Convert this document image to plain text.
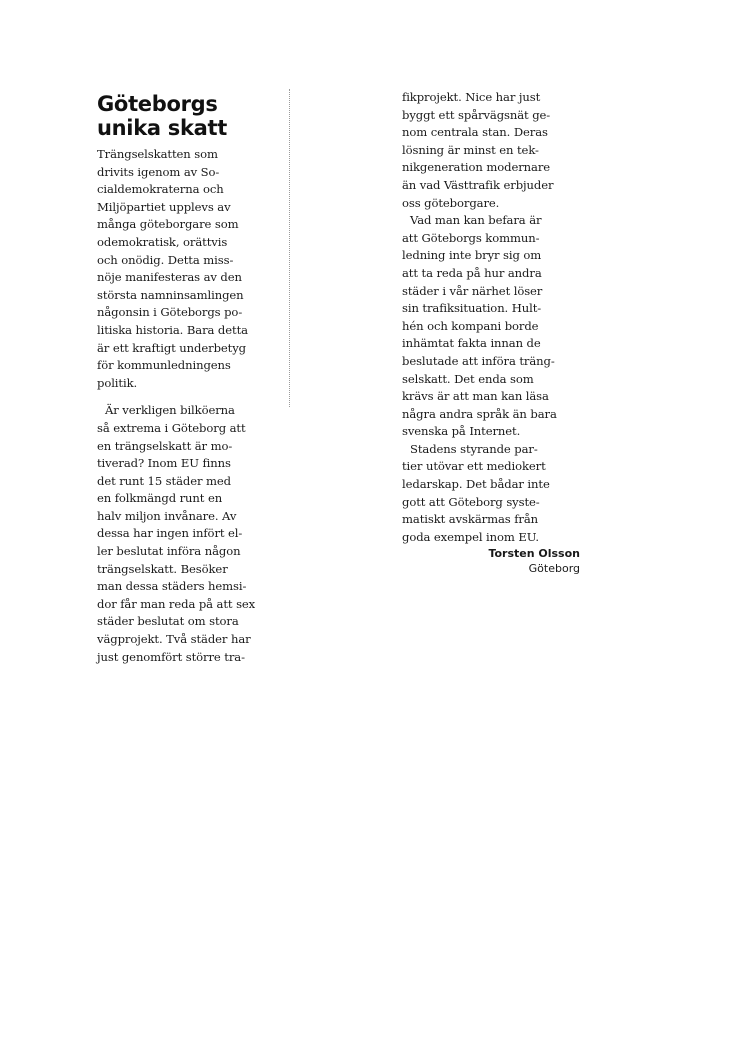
Göteborgs
unika skatt
Trängselskatten som
drivits igenom av So-
cialdemokraterna och
Miljöpartiet upplevs av
många göteborgare som
odemokratisk, orättvis
och onödig. Detta miss-
nöje manifesteras av den
största namninsamlingen
någonsin i Göteborgs po-
litiska historia. Bara detta
är ett kraftigt underbetyg
för kommunledningens
politik.
Är verkligen bilköerna
så extrema i Göteborg att
en trängselskatt är mo-
tiverad? Inom EU finns
det runt 15 städer med
en folkmängd runt en
halv miljon invånare. Av
dessa har ingen infört el-
ler beslutat införa någon
trängselskatt. Besöker
man dessa städers hemsi-
dor får man reda på att sex
städer beslutat om stora
vägprojekt. Två städer har
just genomfört större tra-
fikprojekt. Nice har just
byggt ett spårvägsnät ge-
nom centrala stan. Deras
lösning är minst en tek-
nikgeneration modernare
än vad Västtrafik erbjuder
oss göteborgare.
Vad man kan befara är
att Göteborgs kommun-
ledning inte bryr sig om
att ta reda på hur andra
städer i vår närhet löser
sin trafiksituation. Hult-
hén och kompani borde
inhämtat fakta innan de
beslutade att införa träng-
selskatt. Det enda som
krävs är att man kan läsa
några andra språk än bara
svenska på Internet.
Stadens styrande par-
tier utövar ett mediokert
ledarskap. Det bådar inte
gott att Göteborg syste-
matiskt avskärmas från
goda exempel inom EU.
Torsten Olsson
Göteborg
